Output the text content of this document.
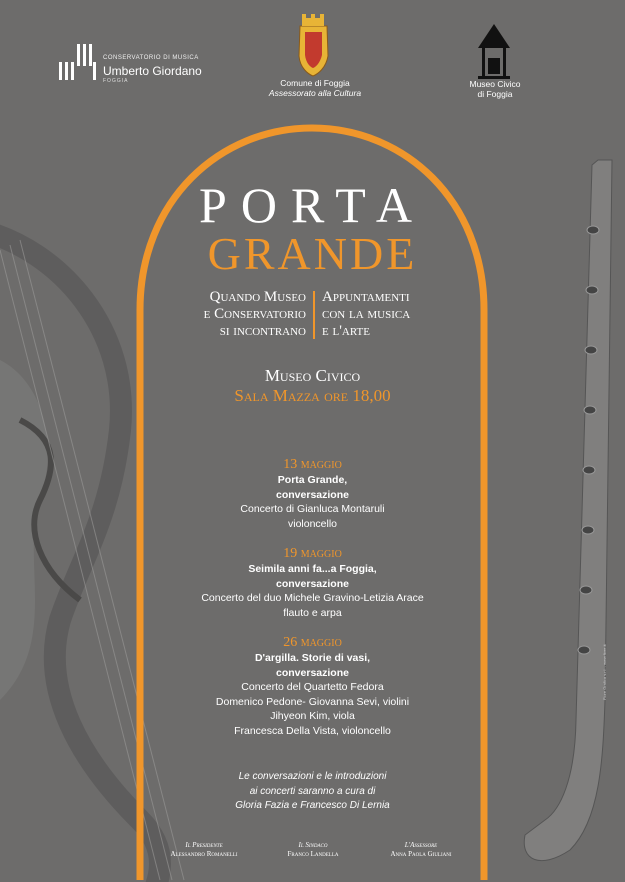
CONSERVATORIO DI MUSICA
Umberto Giordano
FOGGIA	Comune di Foggia
Assessorato alla Cultura
Museo Civico
di Foggia
PORTA
GRANDE
Quando Museo
e Conservatorio
si incontrano
Appuntamenti
con la musica
e l'arte
Museo Civico
Sala Mazza ore 18,00
13 maggio
Porta Grande,
conversazione
Concerto di Gianluca Montaruli
violoncello
19 maggio
Seimila anni fa...a Foggia,
conversazione
Concerto del duo Michele Gravino-Letizia Arace
flauto e arpa
26 maggio
D'argilla. Storie di vasi,
conversazione
Concerto del Quartetto Fedora
Domenico Pedone- Giovanna Sevi, violini
Jihyeon Kim, viola
Francesca Della Vista, violoncello
Le conversazioni e le introduzioni
ai concerti saranno a cura di
Gloria Fazia e Francesco Di Lernia
Il Presidente
Alessandro Romanelli
Il Sindaco
Franco Landella
L'Assessore
Anna Paola Giuliani
Fiore Grafica s.r.l. - www.fiore.it
